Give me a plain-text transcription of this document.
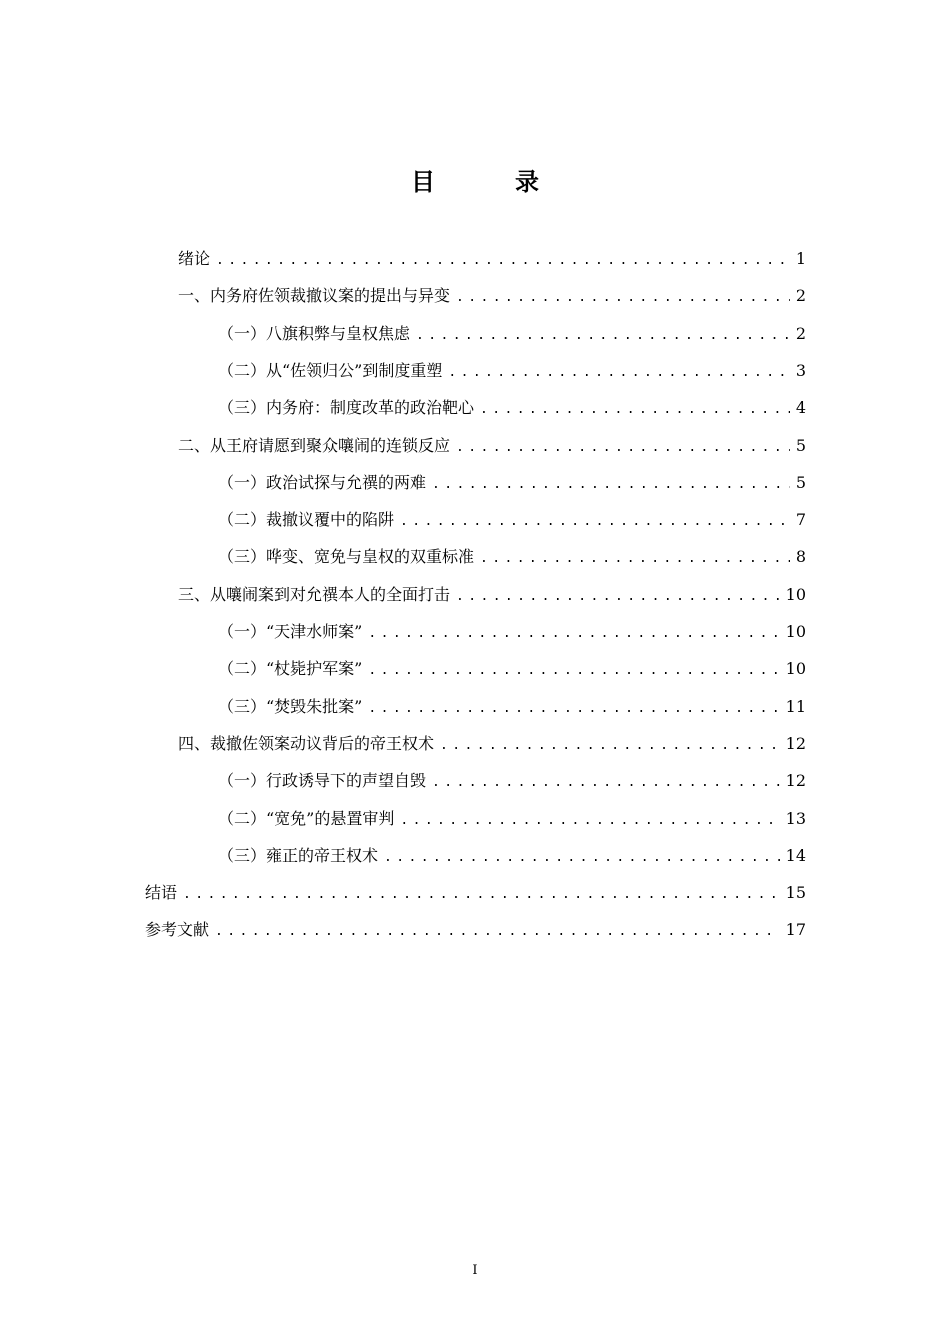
目　录
绪论 .....	1
一、内务府佐领裁撤议案的提出与异变 .....	2
（一）八旗积弊与皇权焦虑 .....	2
（二）从“佐领归公”到制度重塑 .....	3
（三）内务府：制度改革的政治靶心 .....	4
二、从王府请愿到聚众嚷闹的连锁反应 .....	5
（一）政治试探与允禩的两难 .....	5
（二）裁撤议覆中的陷阱 .....	7
（三）哗变、宽免与皇权的双重标准 .....	8
三、从嚷闹案到对允禩本人的全面打击 .....	10
（一）“天津水师案” .....	10
（二）“杖毙护军案” .....	10
（三）“焚毁朱批案” .....	11
四、裁撤佐领案动议背后的帝王权术 .....	12
（一）行政诱导下的声望自毁 .....	12
（二）“宽免”的悬置审判 .....	13
（三）雍正的帝王权术 .....	14
结语 .....	15
参考文献 .....	17
I
